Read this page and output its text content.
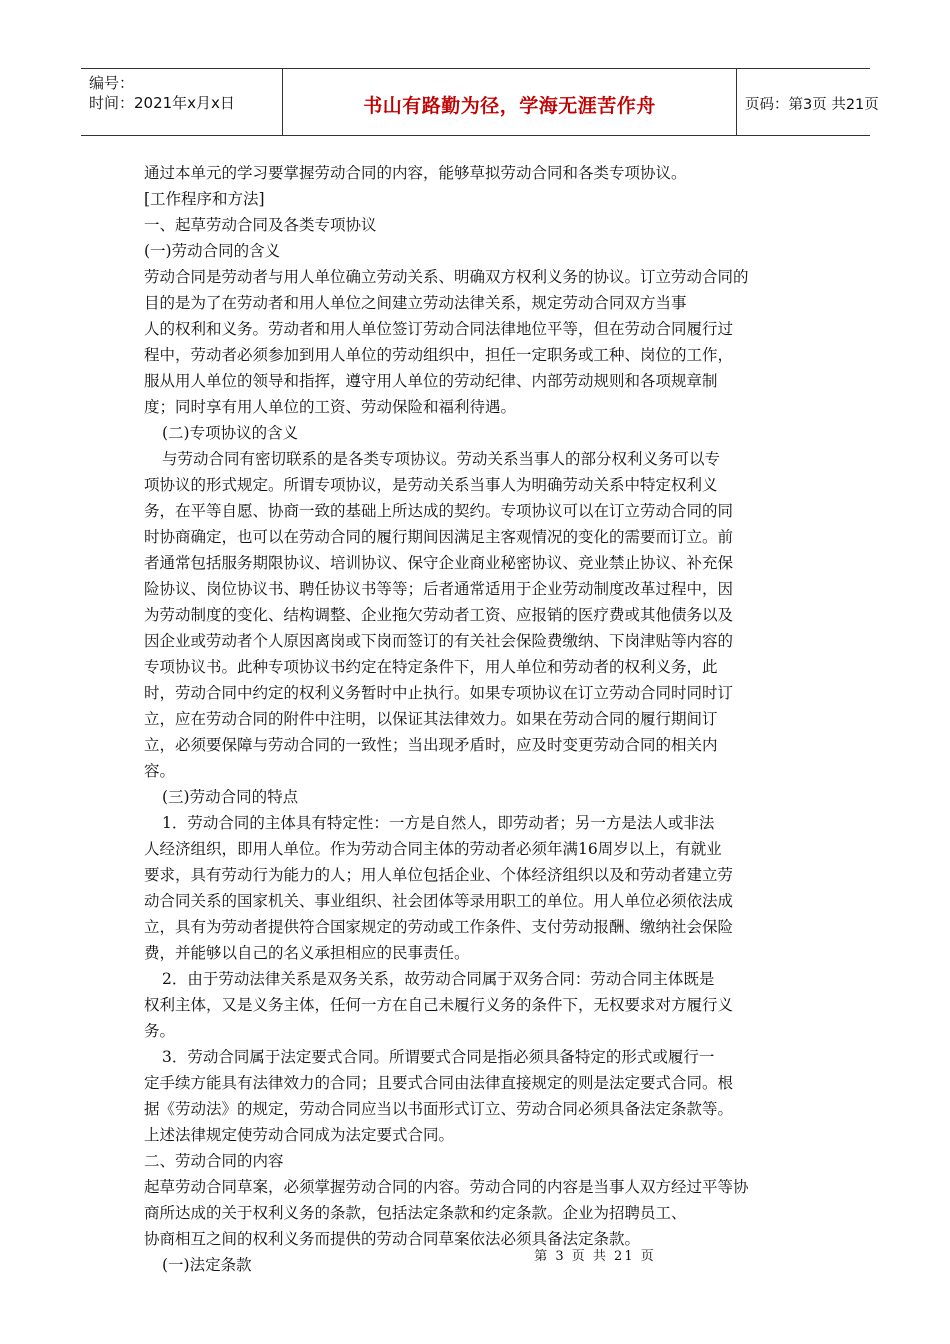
编号：
时间：2021年x月x日	书山有路勤为径，学海无涯苦作舟	页码：第3页 共21页
通过本单元的学习要掌握劳动合同的内容，能够草拟劳动合同和各类专项协议。
[工作程序和方法]
一、起草劳动合同及各类专项协议
(一)劳动合同的含义
劳动合同是劳动者与用人单位确立劳动关系、明确双方权利义务的协议。订立劳动合同的
目的是为了在劳动者和用人单位之间建立劳动法律关系，规定劳动合同双方当事
人的权利和义务。劳动者和用人单位签订劳动合同法律地位平等，但在劳动合同履行过
程中，劳动者必须参加到用人单位的劳动组织中，担任一定职务或工种、岗位的工作，
服从用人单位的领导和指挥，遵守用人单位的劳动纪律、内部劳动规则和各项规章制
度；同时享有用人单位的工资、劳动保险和福利待遇。
(二)专项协议的含义
与劳动合同有密切联系的是各类专项协议。劳动关系当事人的部分权利义务可以专
项协议的形式规定。所谓专项协议，是劳动关系当事人为明确劳动关系中特定权利义
务，在平等自愿、协商一致的基础上所达成的契约。专项协议可以在订立劳动合同的同
时协商确定，也可以在劳动合同的履行期间因满足主客观情况的变化的需要而订立。前
者通常包括服务期限协议、培训协议、保守企业商业秘密协议、竞业禁止协议、补充保
险协议、岗位协议书、聘任协议书等等；后者通常适用于企业劳动制度改革过程中，因
为劳动制度的变化、结构调整、企业拖欠劳动者工资、应报销的医疗费或其他债务以及
因企业或劳动者个人原因离岗或下岗而签订的有关社会保险费缴纳、下岗津贴等内容的
专项协议书。此种专项协议书约定在特定条件下，用人单位和劳动者的权利义务，此
时，劳动合同中约定的权利义务暂时中止执行。如果专项协议在订立劳动合同时同时订
立，应在劳动合同的附件中注明，以保证其法律效力。如果在劳动合同的履行期间订
立，必须要保障与劳动合同的一致性；当出现矛盾时，应及时变更劳动合同的相关内
容。
(三)劳动合同的特点
1．劳动合同的主体具有特定性：一方是自然人，即劳动者；另一方是法人或非法
人经济组织，即用人单位。作为劳动合同主体的劳动者必须年满16周岁以上，有就业
要求，具有劳动行为能力的人；用人单位包括企业、个体经济组织以及和劳动者建立劳
动合同关系的国家机关、事业组织、社会团体等录用职工的单位。用人单位必须依法成
立，具有为劳动者提供符合国家规定的劳动或工作条件、支付劳动报酬、缴纳社会保险
费，并能够以自己的名义承担相应的民事责任。
2．由于劳动法律关系是双务关系，故劳动合同属于双务合同：劳动合同主体既是
权利主体，又是义务主体，任何一方在自己未履行义务的条件下，无权要求对方履行义
务。
3．劳动合同属于法定要式合同。所谓要式合同是指必须具备特定的形式或履行一
定手续方能具有法律效力的合同；且要式合同由法律直接规定的则是法定要式合同。根
据《劳动法》的规定，劳动合同应当以书面形式订立、劳动合同必须具备法定条款等。
上述法律规定使劳动合同成为法定要式合同。
二、劳动合同的内容
起草劳动合同草案，必须掌握劳动合同的内容。劳动合同的内容是当事人双方经过平等协
商所达成的关于权利义务的条款，包括法定条款和约定条款。企业为招聘员工、
协商相互之间的权利义务而提供的劳动合同草案依法必须具备法定条款。
(一)法定条款	第 3 页 共 21 页
